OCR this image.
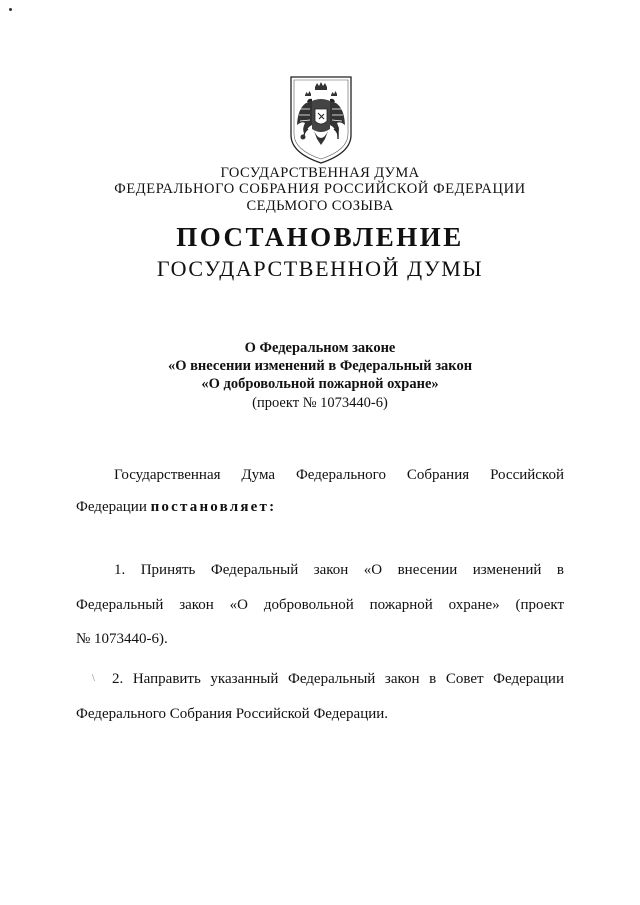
ГОСУДАРСТВЕННАЯ ДУМА
ФЕДЕРАЛЬНОГО СОБРАНИЯ РОССИЙСКОЙ ФЕДЕРАЦИИ
СЕДЬМОГО СОЗЫВА
ПОСТАНОВЛЕНИЕ
ГОСУДАРСТВЕННОЙ ДУМЫ
О Федеральном законе
«О внесении изменений в Федеральный закон
«О добровольной пожарной охране»
(проект № 1073440-6)
Государственная Дума Федерального Собрания Российской
Федерации постановляет:
1. Принять Федеральный закон «О внесении изменений в
Федеральный закон «О добровольной пожарной охране» (проект
№ 1073440-6).
\	2. Направить указанный Федеральный закон в Совет Федерации
Федерального Собрания Российской Федерации.
